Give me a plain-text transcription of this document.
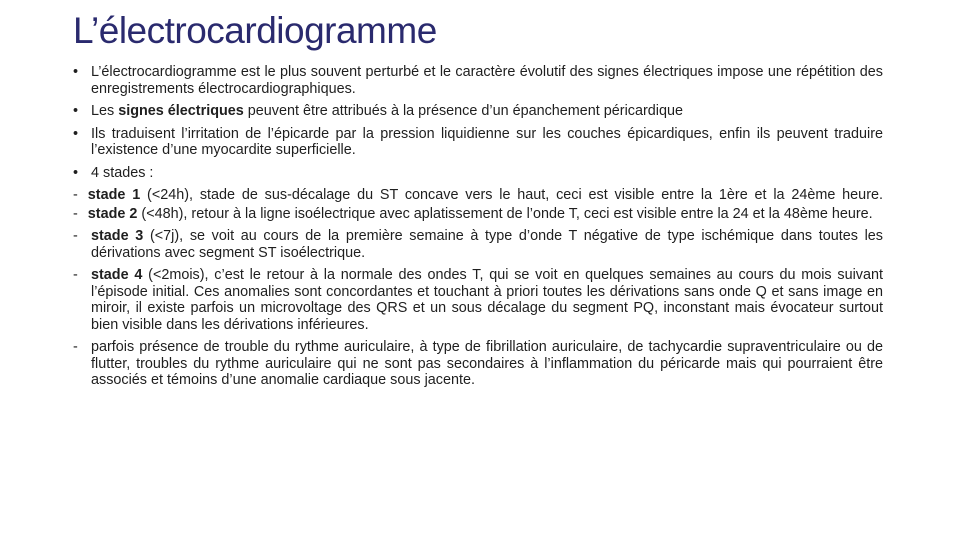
L’électrocardiogramme
• L’électrocardiogramme est le plus souvent perturbé et le caractère évolutif des signes électriques impose une répétition des enregistrements électrocardiographiques.
• Les signes électriques peuvent être attribués à la présence d’un épanchement péricardique
• Ils traduisent l’irritation de l’épicarde par la pression liquidienne sur les couches épicardiques, enfin ils peuvent traduire l’existence d’une myocardite superficielle.
• 4 stades :
- stade 1 (<24h), stade de sus-décalage du ST concave vers le haut, ceci est visible entre la 1ère et la 24ème heure.
- stade 2 (<48h), retour à la ligne isoélectrique avec aplatissement de l’onde T, ceci est visible entre la 24 et la 48ème heure.
- stade 3 (<7j), se voit au cours de la première semaine à type d’onde T négative de type ischémique dans toutes les dérivations avec segment ST isoélectrique.
- stade 4 (<2mois), c’est le retour à la normale des ondes T, qui se voit en quelques semaines au cours du mois suivant l’épisode initial. Ces anomalies sont concordantes et touchant à priori toutes les dérivations sans onde Q et sans image en miroir, il existe parfois un microvoltage des QRS et un sous décalage du segment PQ, inconstant mais évocateur surtout bien visible dans les dérivations inférieures.
- parfois présence de trouble du rythme auriculaire, à type de fibrillation auriculaire, de tachycardie supraventriculaire ou de flutter, troubles du rythme auriculaire qui ne sont pas secondaires à l’inflammation du péricarde mais qui pourraient être associés et témoins d’une anomalie cardiaque sous jacente.
